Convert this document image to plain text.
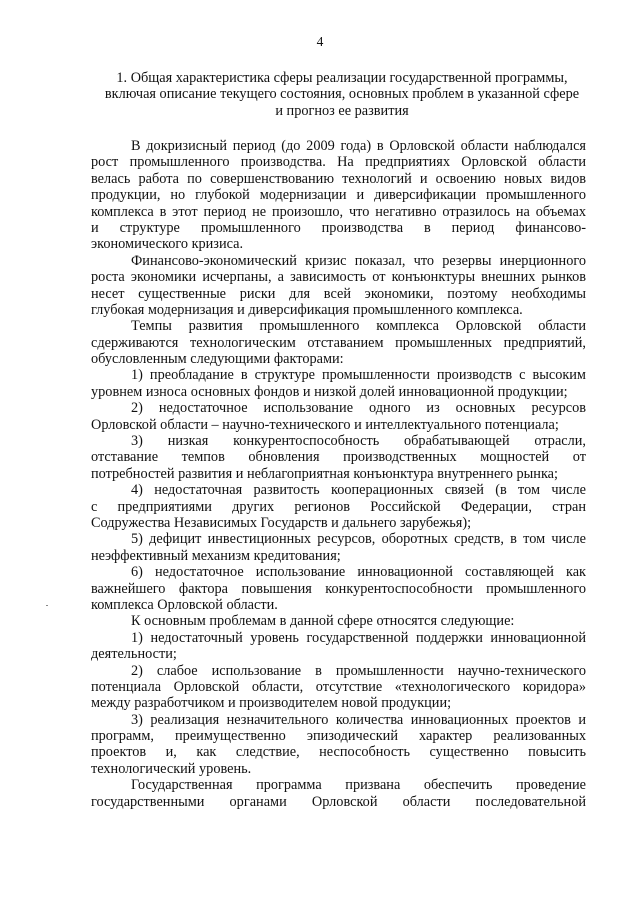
4
1. Общая характеристика сферы реализации государственной программы,
включая описание текущего состояния, основных проблем в указанной сфере
и прогноз ее развития
В докризисный период (до 2009 года) в Орловской области наблюдался
рост промышленного производства. На предприятиях Орловской области
велась работа по совершенствованию технологий и освоению новых видов
продукции, но глубокой модернизации и диверсификации промышленного
комплекса в этот период не произошло, что негативно отразилось на объемах
и структуре промышленного производства в период финансово-
экономического кризиса.
Финансово-экономический кризис показал, что резервы инерционного
роста экономики исчерпаны, а зависимость от конъюнктуры внешних рынков
несет существенные риски для всей экономики, поэтому необходимы
глубокая модернизация и диверсификация промышленного комплекса.
Темпы развития промышленного комплекса Орловской области
сдерживаются технологическим отставанием промышленных предприятий,
обусловленным следующими факторами:
1) преобладание в структуре промышленности производств с высоким
уровнем износа основных фондов и низкой долей инновационной продукции;
2) недостаточное использование одного из основных ресурсов
Орловской области – научно-технического и интеллектуального потенциала;
3) низкая конкурентоспособность обрабатывающей отрасли,
отставание темпов обновления производственных мощностей от
потребностей развития и неблагоприятная конъюнктура внутреннего рынка;
4) недостаточная развитость кооперационных связей (в том числе
с предприятиями других регионов Российской Федерации, стран
Содружества Независимых Государств и дальнего зарубежья);
5) дефицит инвестиционных ресурсов, оборотных средств, в том числе
неэффективный механизм кредитования;
6) недостаточное использование инновационной составляющей как
важнейшего фактора повышения конкурентоспособности промышленного
комплекса Орловской области.
К основным проблемам в данной сфере относятся следующие:
1) недостаточный уровень государственной поддержки инновационной
деятельности;
2) слабое использование в промышленности научно-технического
потенциала Орловской области, отсутствие «технологического коридора»
между разработчиком и производителем новой продукции;
3) реализация незначительного количества инновационных проектов и
программ, преимущественно эпизодический характер реализованных
проектов и, как следствие, неспособность существенно повысить
технологический уровень.
Государственная программа призвана обеспечить проведение
государственными органами Орловской области последовательной
